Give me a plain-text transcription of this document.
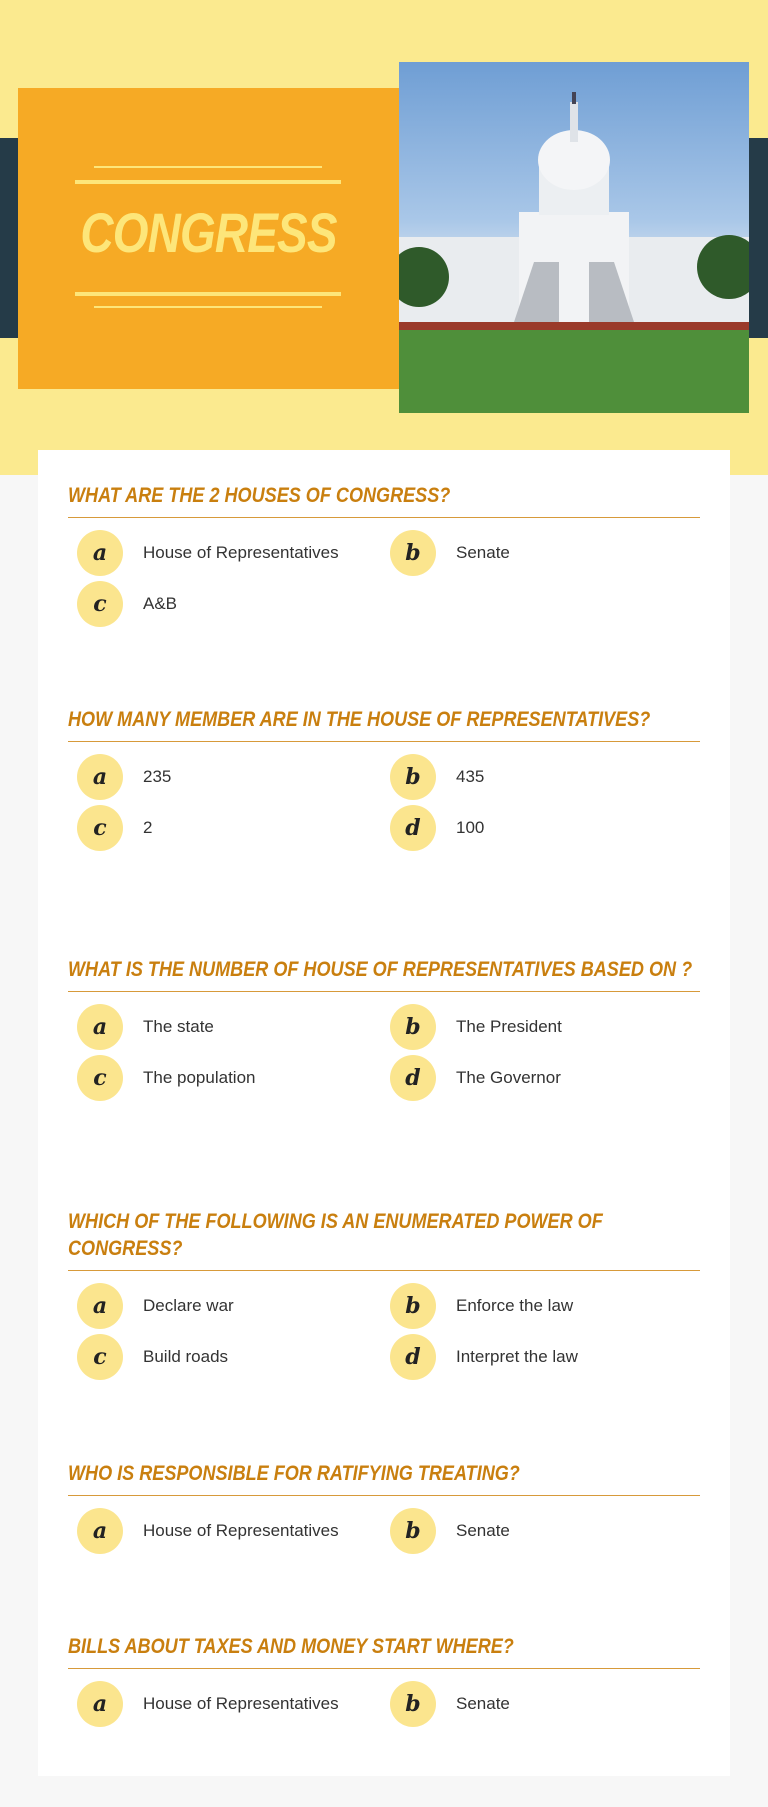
CONGRESS
WHAT ARE THE 2 HOUSES OF CONGRESS?
a	House of Representatives	b	Senate
c	A&B
HOW MANY MEMBER ARE IN THE HOUSE OF REPRESENTATIVES?
a	235	b	435
c	2	d	100
WHAT IS THE NUMBER OF HOUSE OF REPRESENTATIVES BASED ON ?
a	The state	b	The President
c	The population	d	The Governor
WHICH OF THE FOLLOWING IS AN ENUMERATED POWER OF CONGRESS?
a	Declare war	b	Enforce the law
c	Build roads	d	Interpret the law
WHO IS RESPONSIBLE FOR RATIFYING TREATING?
a	House of Representatives	b	Senate
BILLS ABOUT TAXES AND MONEY START WHERE?
a	House of Representatives	b	Senate
